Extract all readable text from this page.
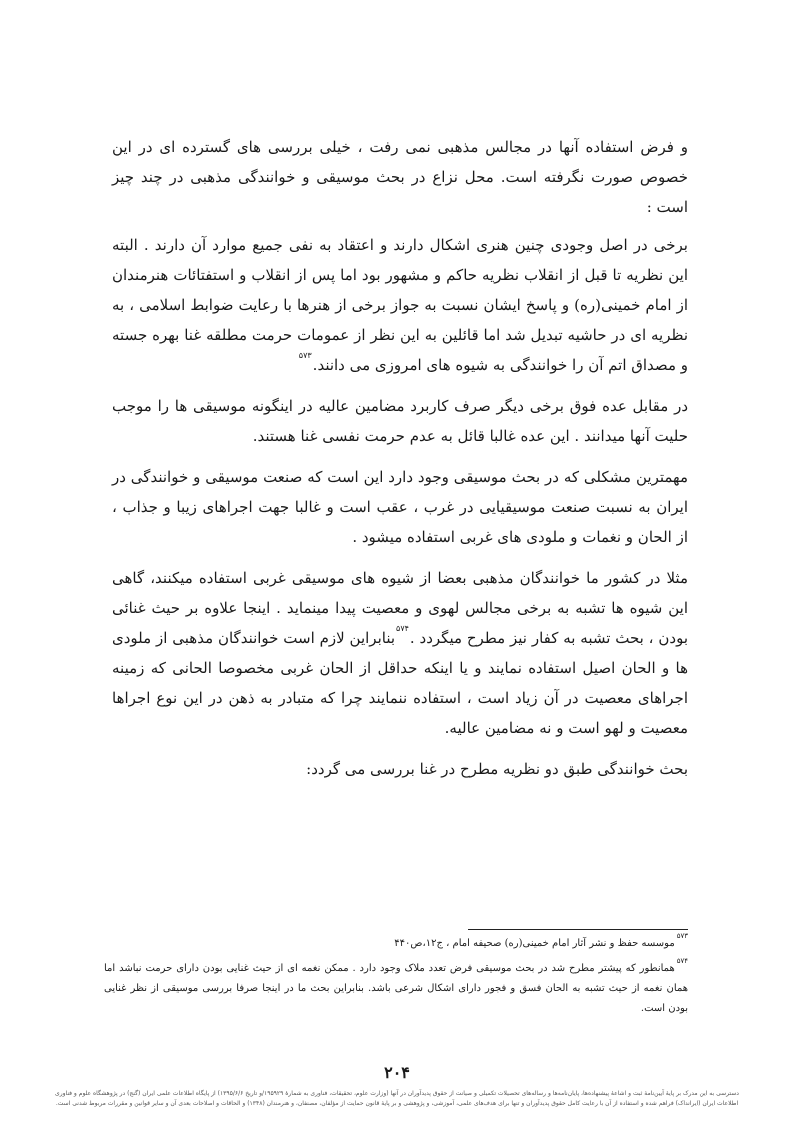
و فرض استفاده آنها در مجالس مذهبی نمی رفت ، خیلی بررسی های گسترده ای در این خصوص صورت نگرفته است. محل نزاع در بحث موسیقی و خوانندگی مذهبی در چند چیز است :

برخی در اصل وجودی چنین هنری اشکال دارند و اعتقاد به نفی جمیع موارد آن دارند . البته این نظریه تا قبل از انقلاب نظریه حاکم و مشهور بود اما پس از انقلاب و استفتائات هنرمندان از امام خمینی(ره) و پاسخ ایشان نسبت به جواز برخی از هنرها با رعایت ضوابط اسلامی ، به نظریه ای در حاشیه تبدیل شد اما قائلین به این نظر از عمومات حرمت مطلقه غنا بهره جسته و مصداق اتم آن را خوانندگی به شیوه های امروزی می دانند.$^{۵۷۳}$

در مقابل عده فوق برخی دیگر صرف کاربرد مضامین عالیه در اینگونه موسیقی ها را موجب حلیت آنها میدانند . این عده غالبا قائل به عدم حرمت نفسی غنا هستند.

مهمترین مشکلی که در بحث موسیقی وجود دارد این است که صنعت موسیقی و خوانندگی در ایران به نسبت صنعت موسیقیایی در غرب ، عقب است و غالبا جهت اجراهای زیبا و جذاب ، از الحان و نغمات و ملودی های غربی استفاده میشود .

مثلا در کشور ما خوانندگان مذهبی بعضا از شیوه های موسیقی غربی استفاده میکنند، گاهی این شیوه ها تشبه به برخی مجالس لهوی و معصیت پیدا مینماید . اینجا علاوه بر حیث غنائی بودن ، بحث تشبه به کفار نیز مطرح میگردد .$^{۵۷۴}$بنابراین لازم است خوانندگان مذهبی از ملودی ها و الحان اصیل استفاده نمایند و یا اینکه حداقل از الحان غربی مخصوصا الحانی که زمینه اجراهای معصیت در آن زیاد است ، استفاده ننمایند چرا که متبادر به ذهن در این نوع اجراها معصیت و لهو است و نه مضامین عالیه.

بحث خوانندگی طبق دو نظریه مطرح در غنا بررسی می گردد:

$^{۵۷۳}$موسسه حفظ و نشر آثار امام خمینی(ره) صحیفه امام ، ج۱۲،ص۴۴۰

$^{۵۷۴}$همانطور که پیشتر مطرح شد در بحث موسیقی فرض تعدد ملاک وجود دارد . ممکن نغمه ای از حیث غنایی بودن دارای حرمت نباشد اما همان نغمه از حیث تشبه به الحان فسق و فجور دارای اشکال شرعی باشد. بنابراین بحث ما در اینجا صرفا بررسی موسیقی از نظر غنایی بودن است.

۲۰۴
دسترسی به این مدرک بر پایهٔ آیین‌نامهٔ ثبت و اشاعهٔ پیشنهاده‌ها، پایان‌نامه‌ها و رساله‌های تحصیلات تکمیلی و صیانت از حقوق پدیدآوران در آنها (وزارت علوم، تحقیقات، فناوری به شمارهٔ ۱۹۵۹۲۹/و تاریخ ۱۳۹۵/۶/۶) از پایگاه اطلاعات علمی ایران (گنج) در پژوهشگاه علوم و فناوری
اطلاعات ایران (ایرانداک) فراهم شده و استفاده از آن با رعایت کامل حقوق پدیدآوران و تنها برای هدف‌های علمی، آموزشی، و پژوهشی و بر پایهٔ قانون حمایت از مؤلفان، مصنفان، و هنرمندان (۱۳۴۸) و الحاقات و اصلاحات بعدی آن و سایر قوانین و مقررات مربوط شدنی است.
